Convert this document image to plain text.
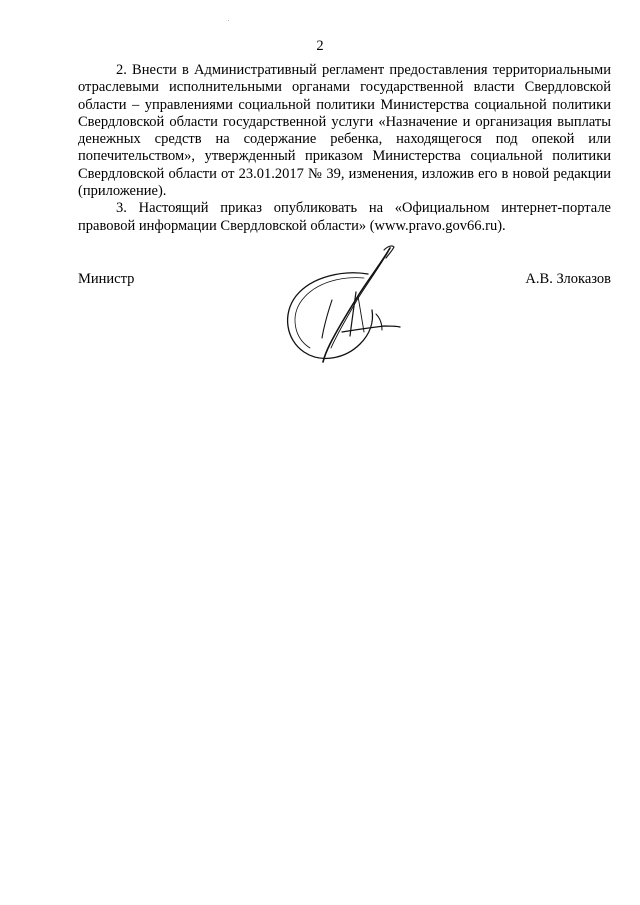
2

2. Внести в Административный регламент предоставления территориальными отраслевыми исполнительными органами государственной власти Свердловской области – управлениями социальной политики Министерства социальной политики Свердловской области государственной услуги «Назначение и организация выплаты денежных средств на содержание ребенка, находящегося под опекой или попечительством», утвержденный приказом Министерства социальной политики Свердловской области от 23.01.2017 № 39, изменения, изложив его в новой редакции (приложение).

3. Настоящий приказ опубликовать на «Официальном интернет-портале правовой информации Свердловской области» (www.pravo.gov66.ru).

Министр	А.В. Злоказов
